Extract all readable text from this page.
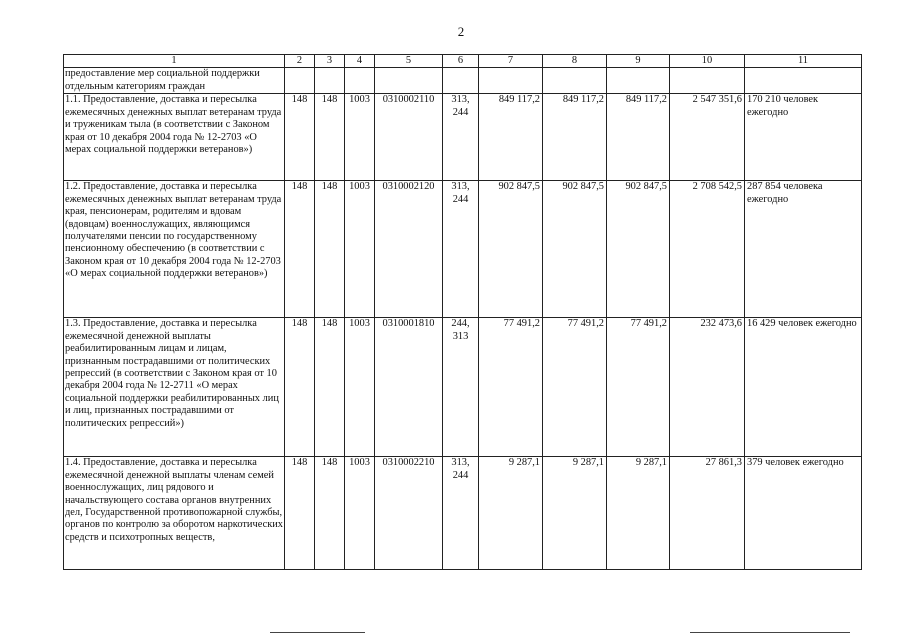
2
1	2	3	4	5	6	7	8	9	10	11
предоставление мер социальной поддержки отдельным категориям граждан										
1.1. Предоставление, доставка и пересылка ежемесячных денежных выплат ветеранам труда и труженикам тыла (в соответствии с Законом края от 10 декабря 2004 года № 12-2703 «О мерах социальной поддержки ветеранов»)	148	148	1003	0310002110	313, 244	849 117,2	849 117,2	849 117,2	2 547 351,6	170 210 человек ежегодно
1.2. Предоставление, доставка и пересылка ежемесячных денежных выплат ветеранам труда края, пенсионерам, родителям и вдовам (вдовцам) военнослужащих, являющимся получателями пенсии по государственному пенсионному обеспечению (в соответствии с Законом края от 10 декабря 2004 года № 12-2703 «О мерах социальной поддержки ветеранов»)	148	148	1003	0310002120	313, 244	902 847,5	902 847,5	902 847,5	2 708 542,5	287 854 человека ежегодно
1.3. Предоставление, доставка и пересылка ежемесячной денежной выплаты реабилитированным лицам и лицам, признанным пострадавшими от политических репрессий (в соответствии с Законом края от 10 декабря 2004 года № 12-2711 «О мерах социальной поддержки реабилитированных лиц и лиц, признанных пострадавшими от политических репрессий»)	148	148	1003	0310001810	244, 313	77 491,2	77 491,2	77 491,2	232 473,6	16 429 человек ежегодно
1.4. Предоставление, доставка и пересылка ежемесячной денежной выплаты членам семей военнослужащих, лиц рядового и начальствующего состава органов внутренних дел, Государственной противопожарной службы, органов по контролю за оборотом наркотических средств и психотропных веществ,	148	148	1003	0310002210	313, 244	9 287,1	9 287,1	9 287,1	27 861,3	379 человек ежегодно
